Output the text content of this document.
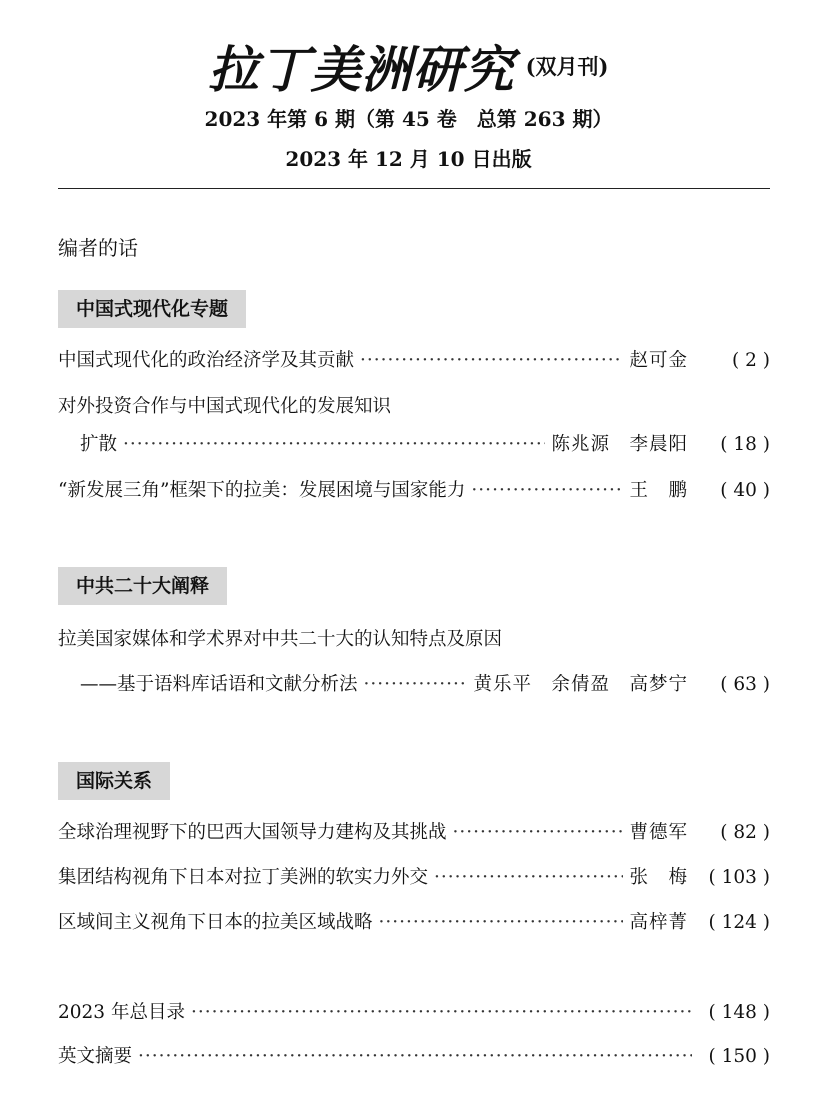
拉丁美洲研究 (双月刊)
2023 年第 6 期（第 45 卷　总第 263 期）
2023 年 12 月 10 日出版
编者的话
中国式现代化专题
中国式现代化的政治经济学及其贡献 ·····	赵可金	( 2 )
对外投资合作与中国式现代化的发展知识
扩散 ·····	陈兆源　李晨阳	( 18 )
“新发展三角”框架下的拉美：发展困境与国家能力 ·····	王　鹏	( 40 )
中共二十大阐释
拉美国家媒体和学术界对中共二十大的认知特点及原因
——基于语料库话语和文献分析法 ·····	黄乐平　余倩盈　高梦宁	( 63 )
国际关系
全球治理视野下的巴西大国领导力建构及其挑战 ·····	曹德军	( 82 )
集团结构视角下日本对拉丁美洲的软实力外交 ·····	张　梅	( 103 )
区域间主义视角下日本的拉美区域战略 ·····	高梓菁	( 124 )
2023 年总目录 ·····	( 148 )
英文摘要 ·····	( 150 )
